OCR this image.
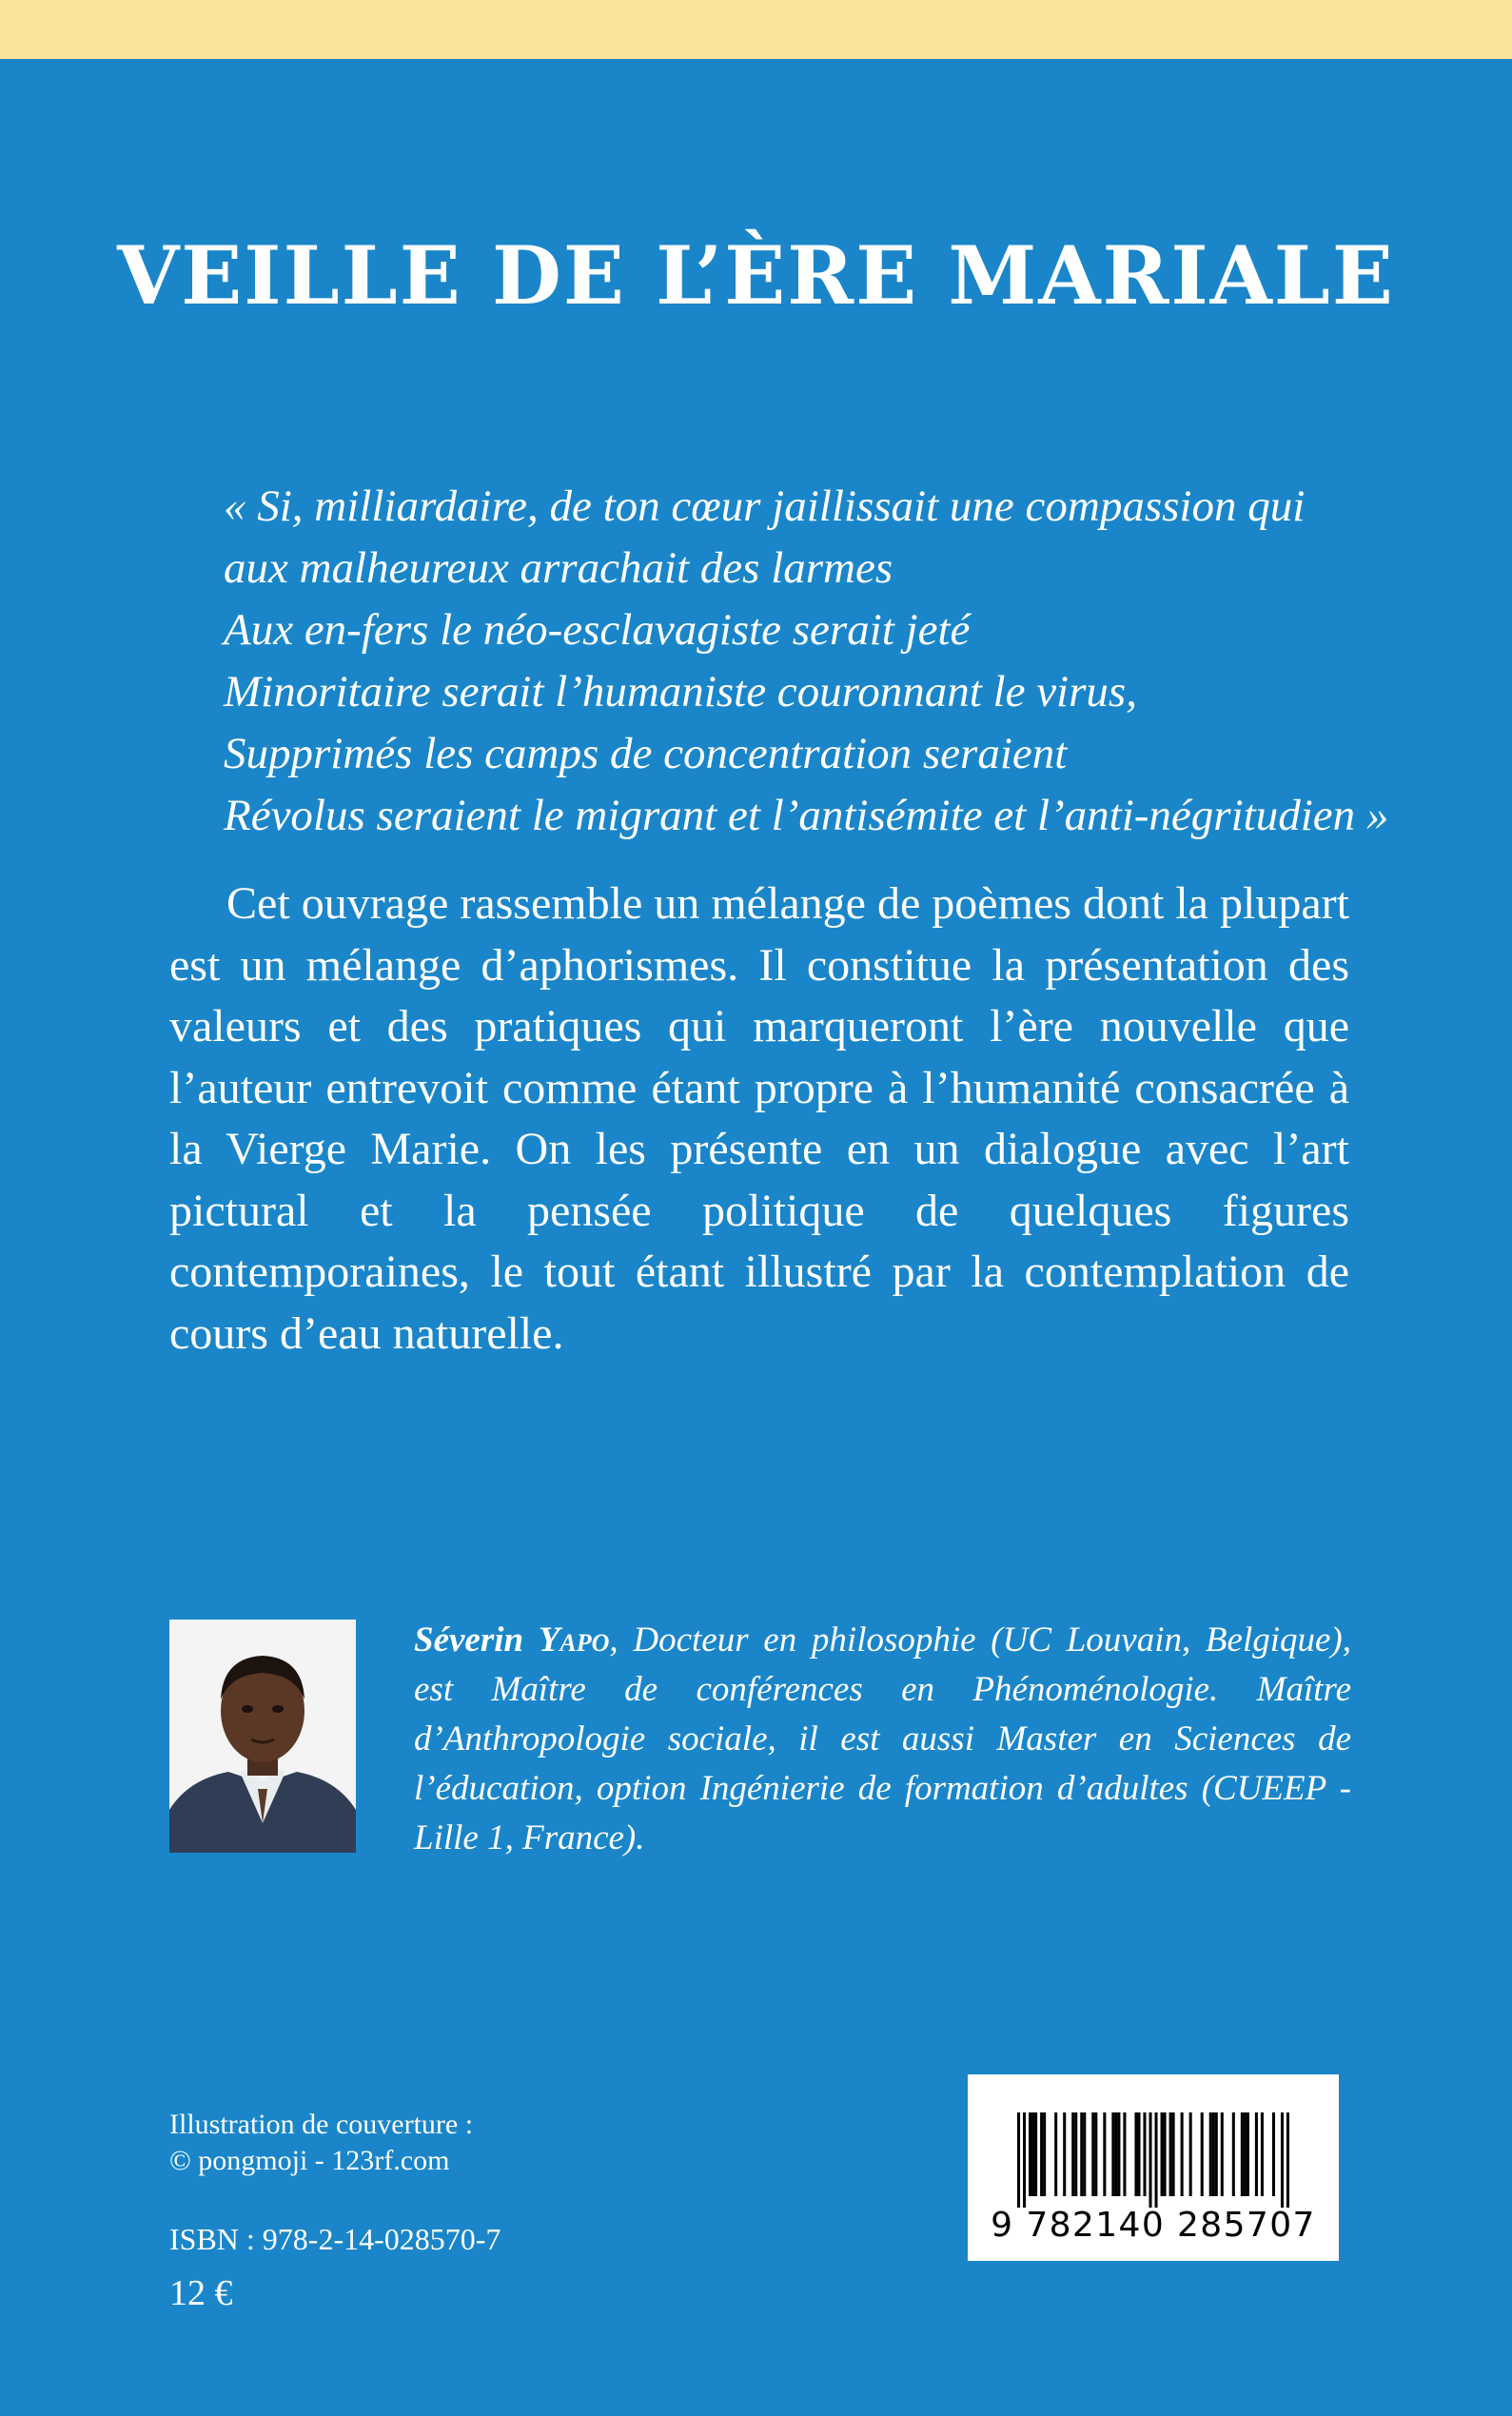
VEILLE DE L’ÈRE MARIALE
« Si, milliardaire, de ton cœur jaillissait une compassion qui aux malheureux arrachait des larmes
Aux en-fers le néo-esclavagiste serait jeté
Minoritaire serait l’humaniste couronnant le virus,
Supprimés les camps de concentration seraient
Révolus seraient le migrant et l’antisémite et l’anti-négritudien »

Cet ouvrage rassemble un mélange de poèmes dont la plupart est un mélange d’aphorismes. Il constitue la présentation des valeurs et des pratiques qui marqueront l’ère nouvelle que l’auteur entrevoit comme étant propre à l’humanité consacrée à la Vierge Marie. On les présente en un dialogue avec l’art pictural et la pensée politique de quelques figures contemporaines, le tout étant illustré par la contemplation de cours d’eau naturelle.

Séverin Yapo, Docteur en philosophie (UC Louvain, Belgique), est Maître de conférences en Phénoménologie. Maître d’Anthropologie sociale, il est aussi Master en Sciences de l’éducation, option Ingénierie de formation d’adultes (CUEEP - Lille 1, France).

Illustration de couverture :
© pongmoji - 123rf.com
ISBN : 978-2-14-028570-7
12 €
9 782140 285707
